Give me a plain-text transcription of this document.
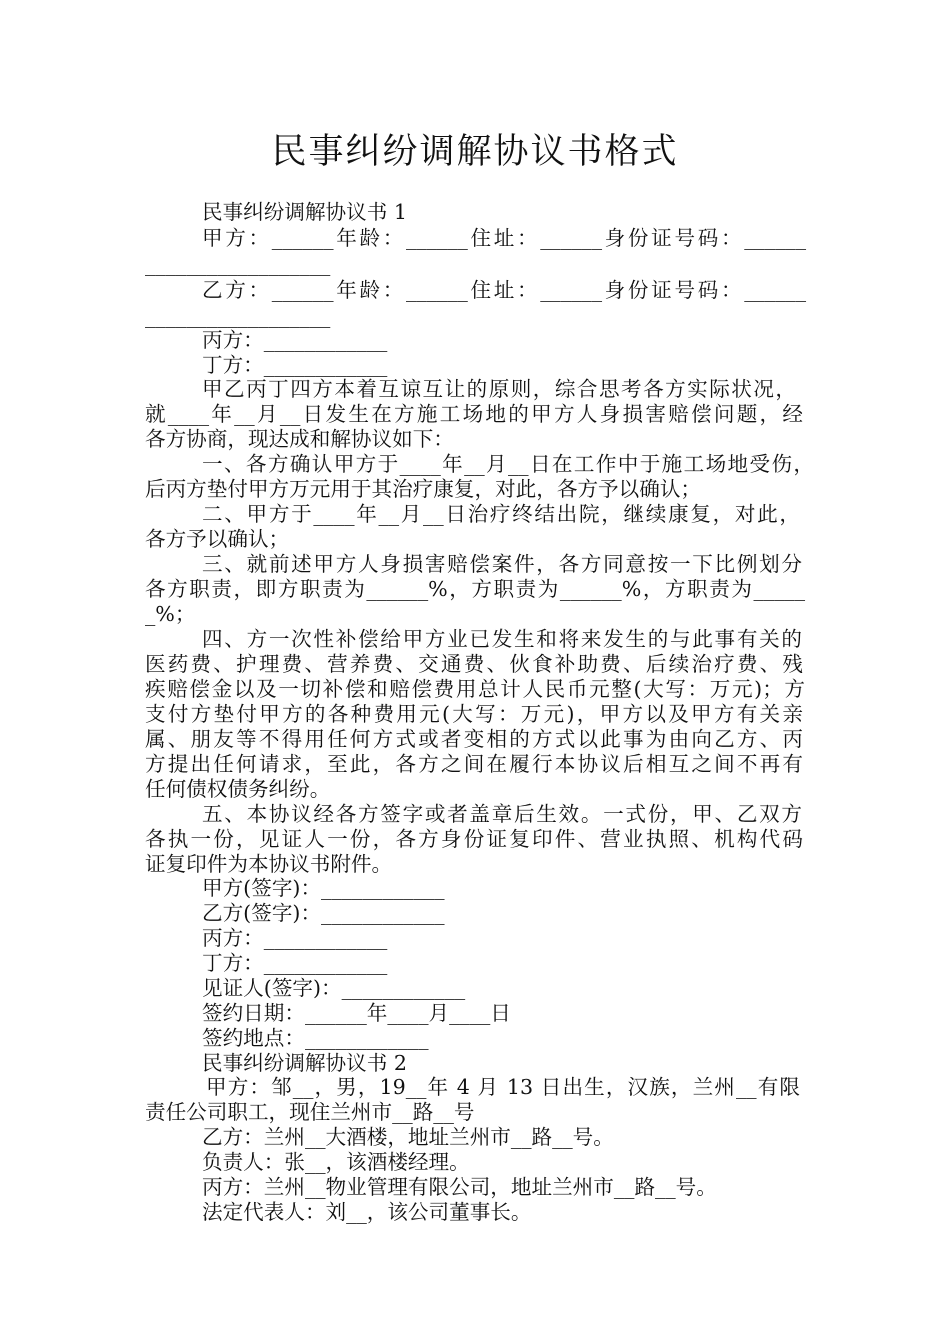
民事纠纷调解协议书格式
民事纠纷调解协议书 1
甲方：______年龄：______住址：______身份证号码：______
__________________
乙方：______年龄：______住址：______身份证号码：______
__________________
丙方：____________
丁方：____________
甲乙丙丁四方本着互谅互让的原则，综合思考各方实际状况，
就____年__月__日发生在方施工场地的甲方人身损害赔偿问题，经
各方协商，现达成和解协议如下：
一、各方确认甲方于____年__月__日在工作中于施工场地受伤，
后丙方垫付甲方万元用于其治疗康复，对此，各方予以确认；
二、甲方于____年__月__日治疗终结出院，继续康复，对此，
各方予以确认；
三、就前述甲方人身损害赔偿案件，各方同意按一下比例划分
各方职责，即方职责为______%，方职责为______%，方职责为_____
_%；
四、方一次性补偿给甲方业已发生和将来发生的与此事有关的
医药费、护理费、营养费、交通费、伙食补助费、后续治疗费、残
疾赔偿金以及一切补偿和赔偿费用总计人民币元整(大写：万元)；方
支付方垫付甲方的各种费用元(大写：万元)，甲方以及甲方有关亲
属、朋友等不得用任何方式或者变相的方式以此事为由向乙方、丙
方提出任何请求，至此，各方之间在履行本协议后相互之间不再有
任何债权债务纠纷。
五、本协议经各方签字或者盖章后生效。一式份，甲、乙双方
各执一份，见证人一份，各方身份证复印件、营业执照、机构代码
证复印件为本协议书附件。
甲方(签字)：____________
乙方(签字)：____________
丙方：____________
丁方：____________
见证人(签字)：____________
签约日期：______年____月____日
签约地点：____________
民事纠纷调解协议书 2
甲方：邹__，男，19__年 4 月 13 日出生，汉族，兰州__有限
责任公司职工，现住兰州市__路__号
乙方：兰州__大酒楼，地址兰州市__路__号。
负责人：张__，该酒楼经理。
丙方：兰州__物业管理有限公司，地址兰州市__路__号。
法定代表人：刘__，该公司董事长。
